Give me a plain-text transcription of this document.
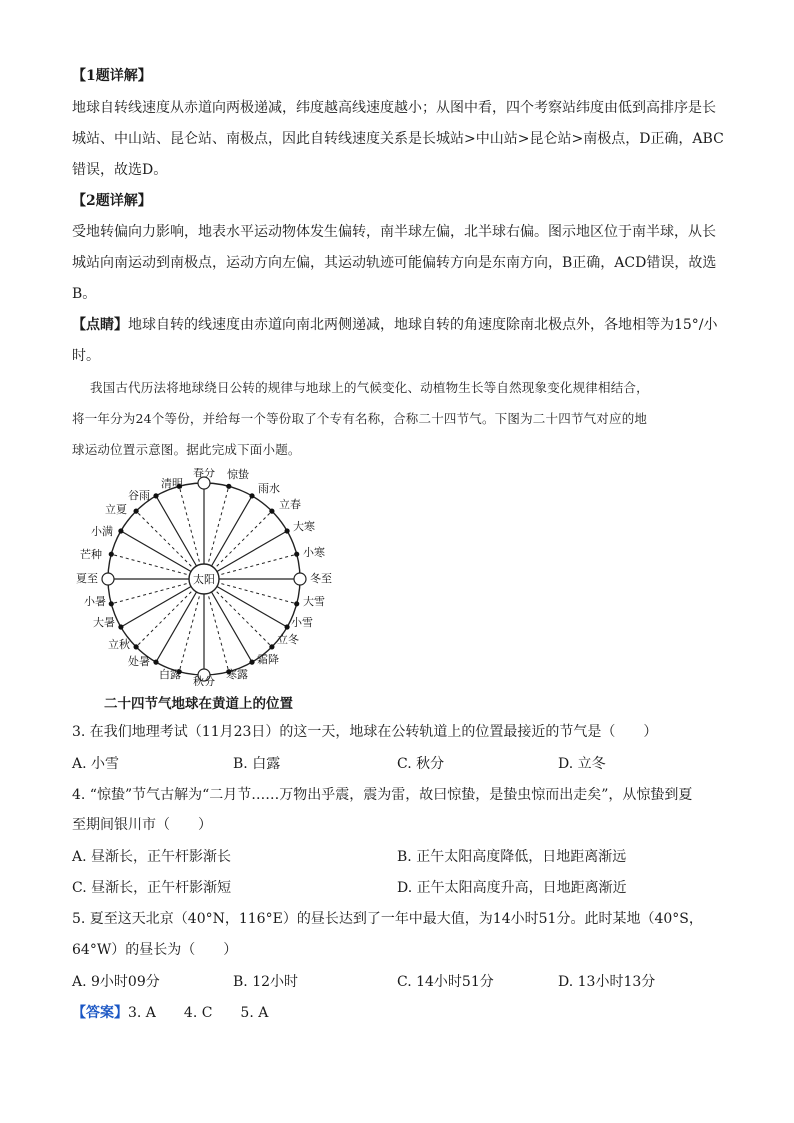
【1题详解】
地球自转线速度从赤道向两极递减，纬度越高线速度越小；从图中看，四个考察站纬度由低到高排序是长
城站、中山站、昆仑站、南极点，因此自转线速度关系是长城站>中山站>昆仑站>南极点，D正确，ABC
错误，故选D。
【2题详解】
受地转偏向力影响，地表水平运动物体发生偏转，南半球左偏，北半球右偏。图示地区位于南半球，从长
城站向南运动到南极点，运动方向左偏，其运动轨迹可能偏转方向是东南方向，B正确，ACD错误，故选
B。
【点睛】地球自转的线速度由赤道向南北两侧递减，地球自转的角速度除南北极点外，各地相等为15°/小
时。
我国古代历法将地球绕日公转的规律与地球上的气候变化、动植物生长等自然现象变化规律相结合，
将一年分为24个等份，并给每一个等份取了个专有名称，合称二十四节气。下图为二十四节气对应的地
球运动位置示意图。据此完成下面小题。
太阳
春分 惊蛰
雨水
立春
大寒
小寒
冬至
大雪
小雪
立冬
霜降
寒露
秋分
白露
处暑
立秋
大暑
小暑
夏至
芒种
小满
立夏
谷雨
清明
二十四节气地球在黄道上的位置
3. 在我们地理考试（11月23日）的这一天，地球在公转轨道上的位置最接近的节气是（　　）
A. 小雪	B. 白露	C. 秋分	D. 立冬
4. “惊蛰”节气古解为“二月节……万物出乎震，震为雷，故曰惊蛰，是蛰虫惊而出走矣”，从惊蛰到夏
至期间银川市（　　）
A. 昼渐长，正午杆影渐长	B. 正午太阳高度降低，日地距离渐远
C. 昼渐长，正午杆影渐短	D. 正午太阳高度升高，日地距离渐近
5. 夏至这天北京（40°N，116°E）的昼长达到了一年中最大值，为14小时51分。此时某地（40°S，
64°W）的昼长为（　　）
A. 9小时09分	B. 12小时	C. 14小时51分	D. 13小时13分
【答案】3. A　　4. C　　5. A
